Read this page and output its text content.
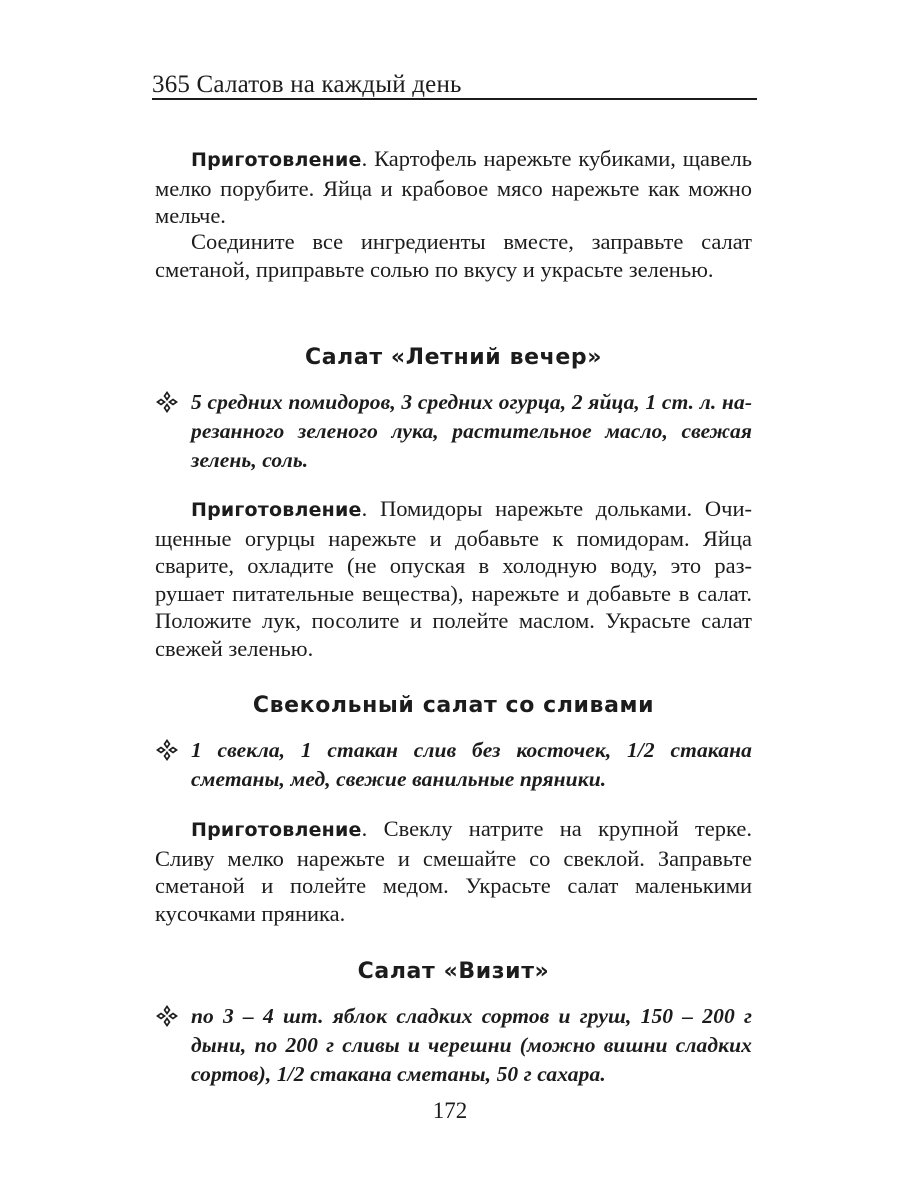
365 Салатов на каждый день

Приготовление. Картофель нарежьте кубиками, щавель мелко порубите. Яйца и крабовое мясо нарежьте как можно мельче.

Соедините все ингредиенты вместе, заправьте салат сметаной, приправьте солью по вкусу и украсьте зеленью.

Салат «Летний вечер»

5 средних помидоров, 3 средних огурца, 2 яйца, 1 ст. л. нарезанного зеленого лука, растительное масло, свежая зелень, соль.

Приготовление. Помидоры нарежьте дольками. Очищенные огурцы нарежьте и добавьте к помидорам. Яйца сварите, охладите (не опуская в холодную воду, это разрушает питательные вещества), нарежьте и добавьте в салат. Положите лук, посолите и полейте маслом. Украсьте салат свежей зеленью.

Свекольный салат со сливами

1 свекла, 1 стакан слив без косточек, 1/2 стакана сметаны, мед, свежие ванильные пряники.

Приготовление. Свеклу натрите на крупной терке. Сливу мелко нарежьте и смешайте со свеклой. Заправьте сметаной и полейте медом. Украсьте салат маленькими кусочками пряника.

Салат «Визит»

по 3 – 4 шт. яблок сладких сортов и груш, 150 – 200 г дыни, по 200 г сливы и черешни (можно вишни сладких сортов), 1/2 стакана сметаны, 50 г сахара.

172
